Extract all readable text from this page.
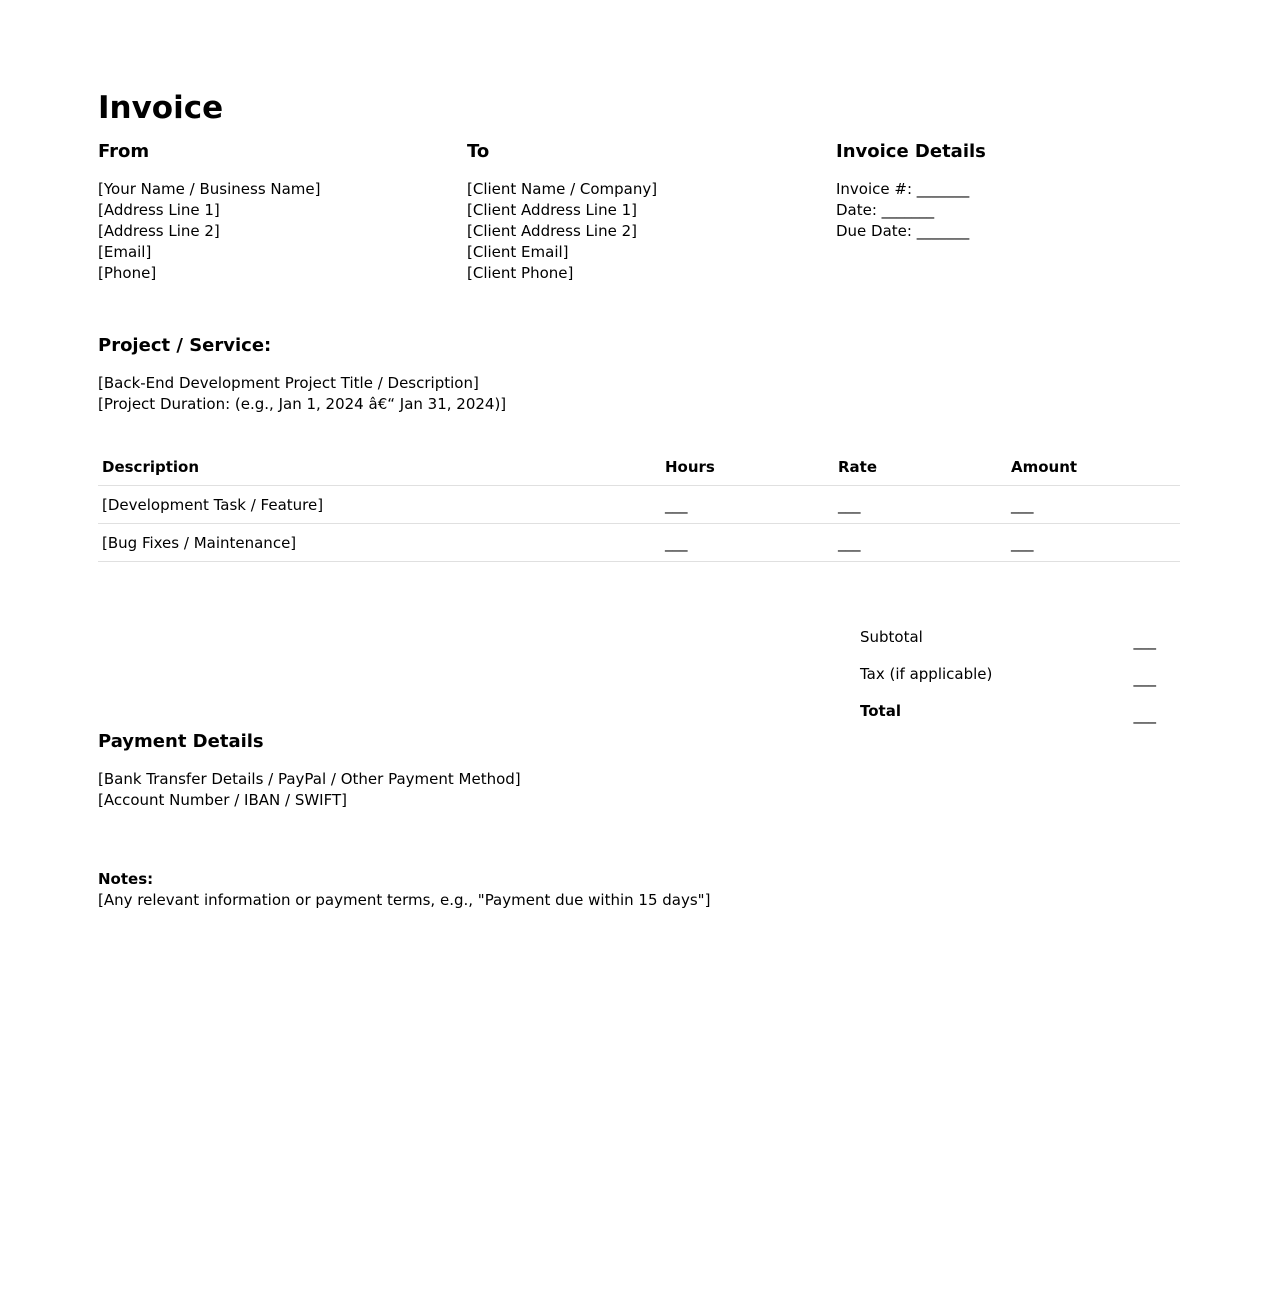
Invoice
From
[Your Name / Business Name]
[Address Line 1]
[Address Line 2]
[Email]
[Phone]
To
[Client Name / Company]
[Client Address Line 1]
[Client Address Line 2]
[Client Email]
[Client Phone]
Invoice Details
Invoice #: _______
Date: _______
Due Date: _______
Project / Service:
[Back-End Development Project Title / Description]
[Project Duration: (e.g., Jan 1, 2024 â€“ Jan 31, 2024)]
Description	Hours	Rate	Amount
[Development Task / Feature]	___	___	___
[Bug Fixes / Maintenance]	___	___	___
Subtotal	___
Tax (if applicable)	___
Total	___
Payment Details
[Bank Transfer Details / PayPal / Other Payment Method]
[Account Number / IBAN / SWIFT]
Notes:
[Any relevant information or payment terms, e.g., "Payment due within 15 days"]
